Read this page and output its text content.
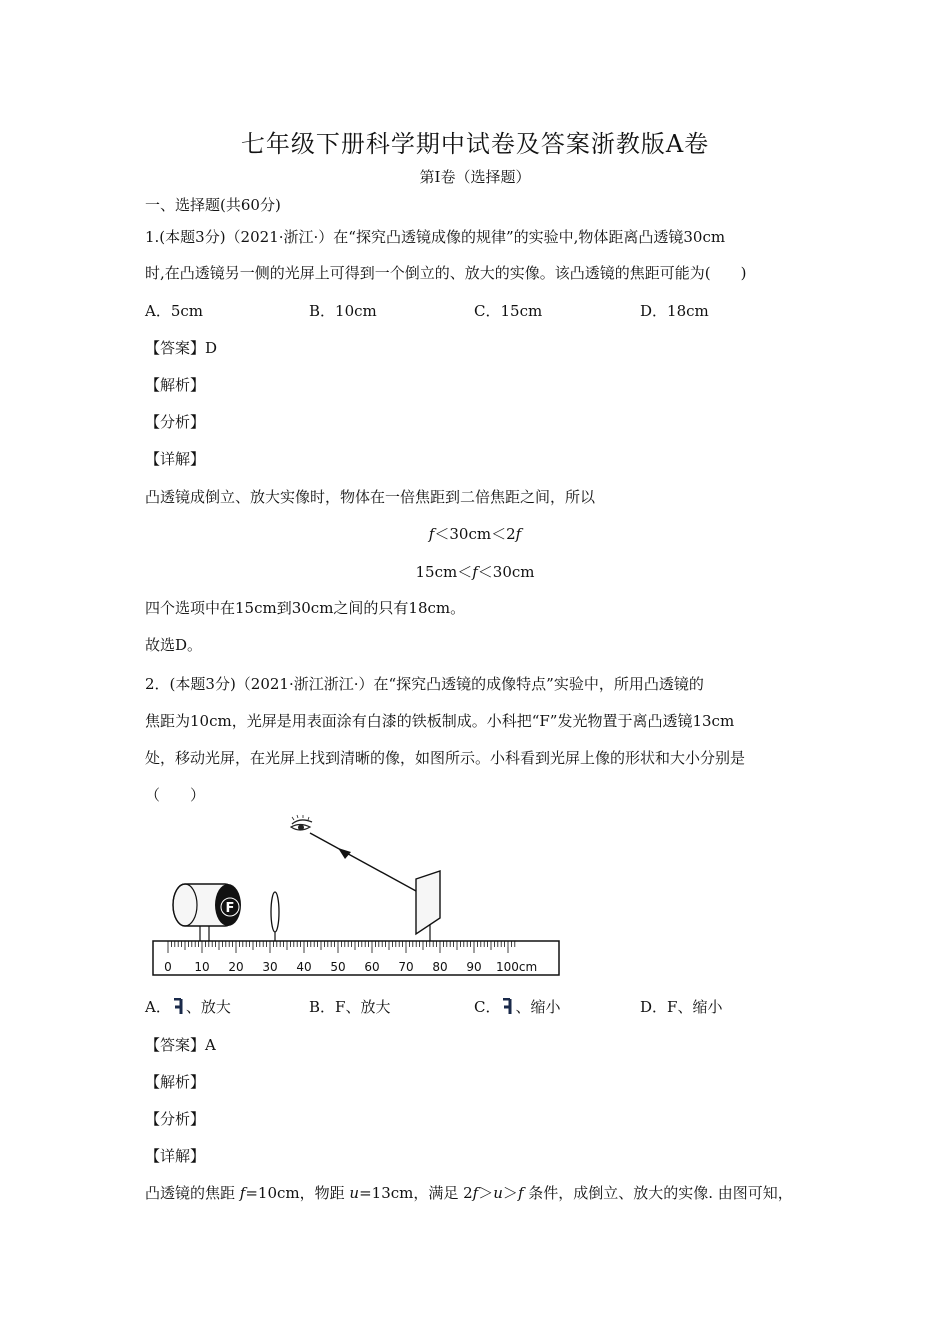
七年级下册科学期中试卷及答案浙教版A卷
第Ⅰ卷（选择题）
一、选择题(共60分)
1.(本题3分)（2021·浙江·）在“探究凸透镜成像的规律”的实验中,物体距离凸透镜30cm
时,在凸透镜另一侧的光屏上可得到一个倒立的、放大的实像。该凸透镜的焦距可能为(　　)
A．5cm	B．10cm	C．15cm	D．18cm
【答案】D
【解析】
【分析】
【详解】
凸透镜成倒立、放大实像时，物体在一倍焦距到二倍焦距之间，所以
f＜30cm＜2f
15cm＜f＜30cm
四个选项中在15cm到30cm之间的只有18cm。
故选D。
2．(本题3分)（2021·浙江浙江·）在“探究凸透镜的成像特点”实验中，所用凸透镜的
焦距为10cm，光屏是用表面涂有白漆的铁板制成。小科把“F”发光物置于离凸透镜13cm
处，移动光屏，在光屏上找到清晰的像，如图所示。小科看到光屏上像的形状和大小分别是
（　　）
F
0 10 20 30 40 50 60 70 80 90 100cm
A． 、放大	B．F、放大	C． 、缩小	D．F、缩小
【答案】A
【解析】
【分析】
【详解】
凸透镜的焦距 f=10cm，物距 u=13cm，满足 2f＞u＞f 条件，成倒立、放大的实像. 由图可知，
